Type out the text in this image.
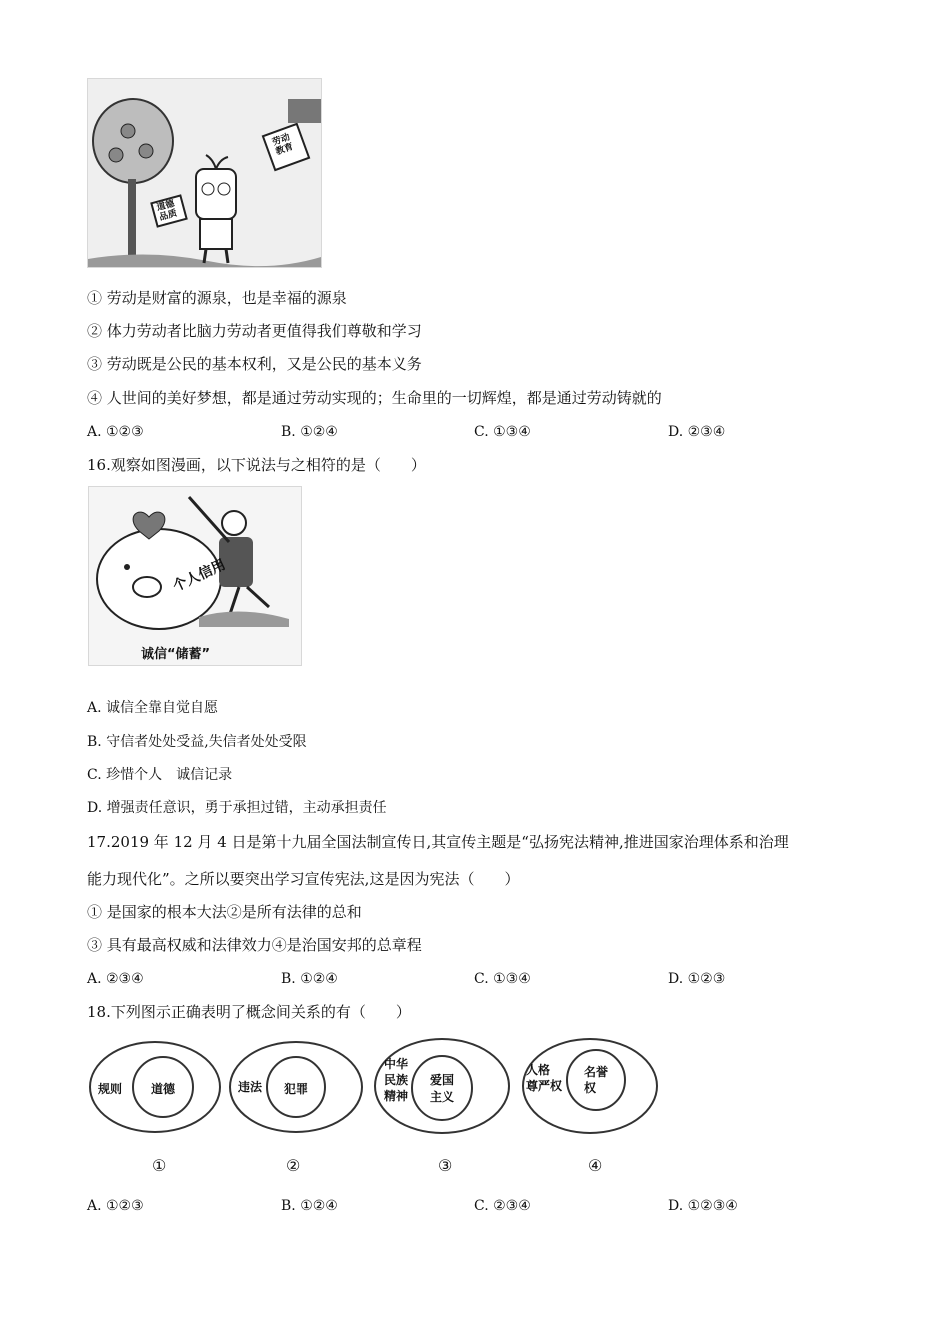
道德
品质
劳动
教育
① 劳动是财富的源泉，也是幸福的源泉
② 体力劳动者比脑力劳动者更值得我们尊敬和学习
③ 劳动既是公民的基本权利，又是公民的基本义务
④ 人世间的美好梦想，都是通过劳动实现的；生命里的一切辉煌，都是通过劳动铸就的
A. ①②③	B. ①②④	C. ①③④	D. ②③④
16.观察如图漫画，以下说法与之相符的是（　　）
个人信用
诚信“储蓄”
A. 诚信全靠自觉自愿
B. 守信者处处受益,失信者处处受限
C. 珍惜个人　诚信记录
D. 增强责任意识，勇于承担过错，主动承担责任
17.2019 年 12 月 4 日是第十九届全国法制宣传日,其宣传主题是“弘扬宪法精神,推进国家治理体系和治理
能力现代化”。之所以要突出学习宣传宪法,这是因为宪法（　　）
① 是国家的根本大法②是所有法律的总和
③ 具有最高权威和法律效力④是治国安邦的总章程
A. ②③④	B. ①②④	C. ①③④	D. ①②③
18.下列图示正确表明了概念间关系的有（　　）
规则 道德	违法 犯罪
中华
民族
精神
爱国
主义
人格
尊严权
名誉
权
①	②	③	④
A. ①②③	B. ①②④	C. ②③④	D. ①②③④
